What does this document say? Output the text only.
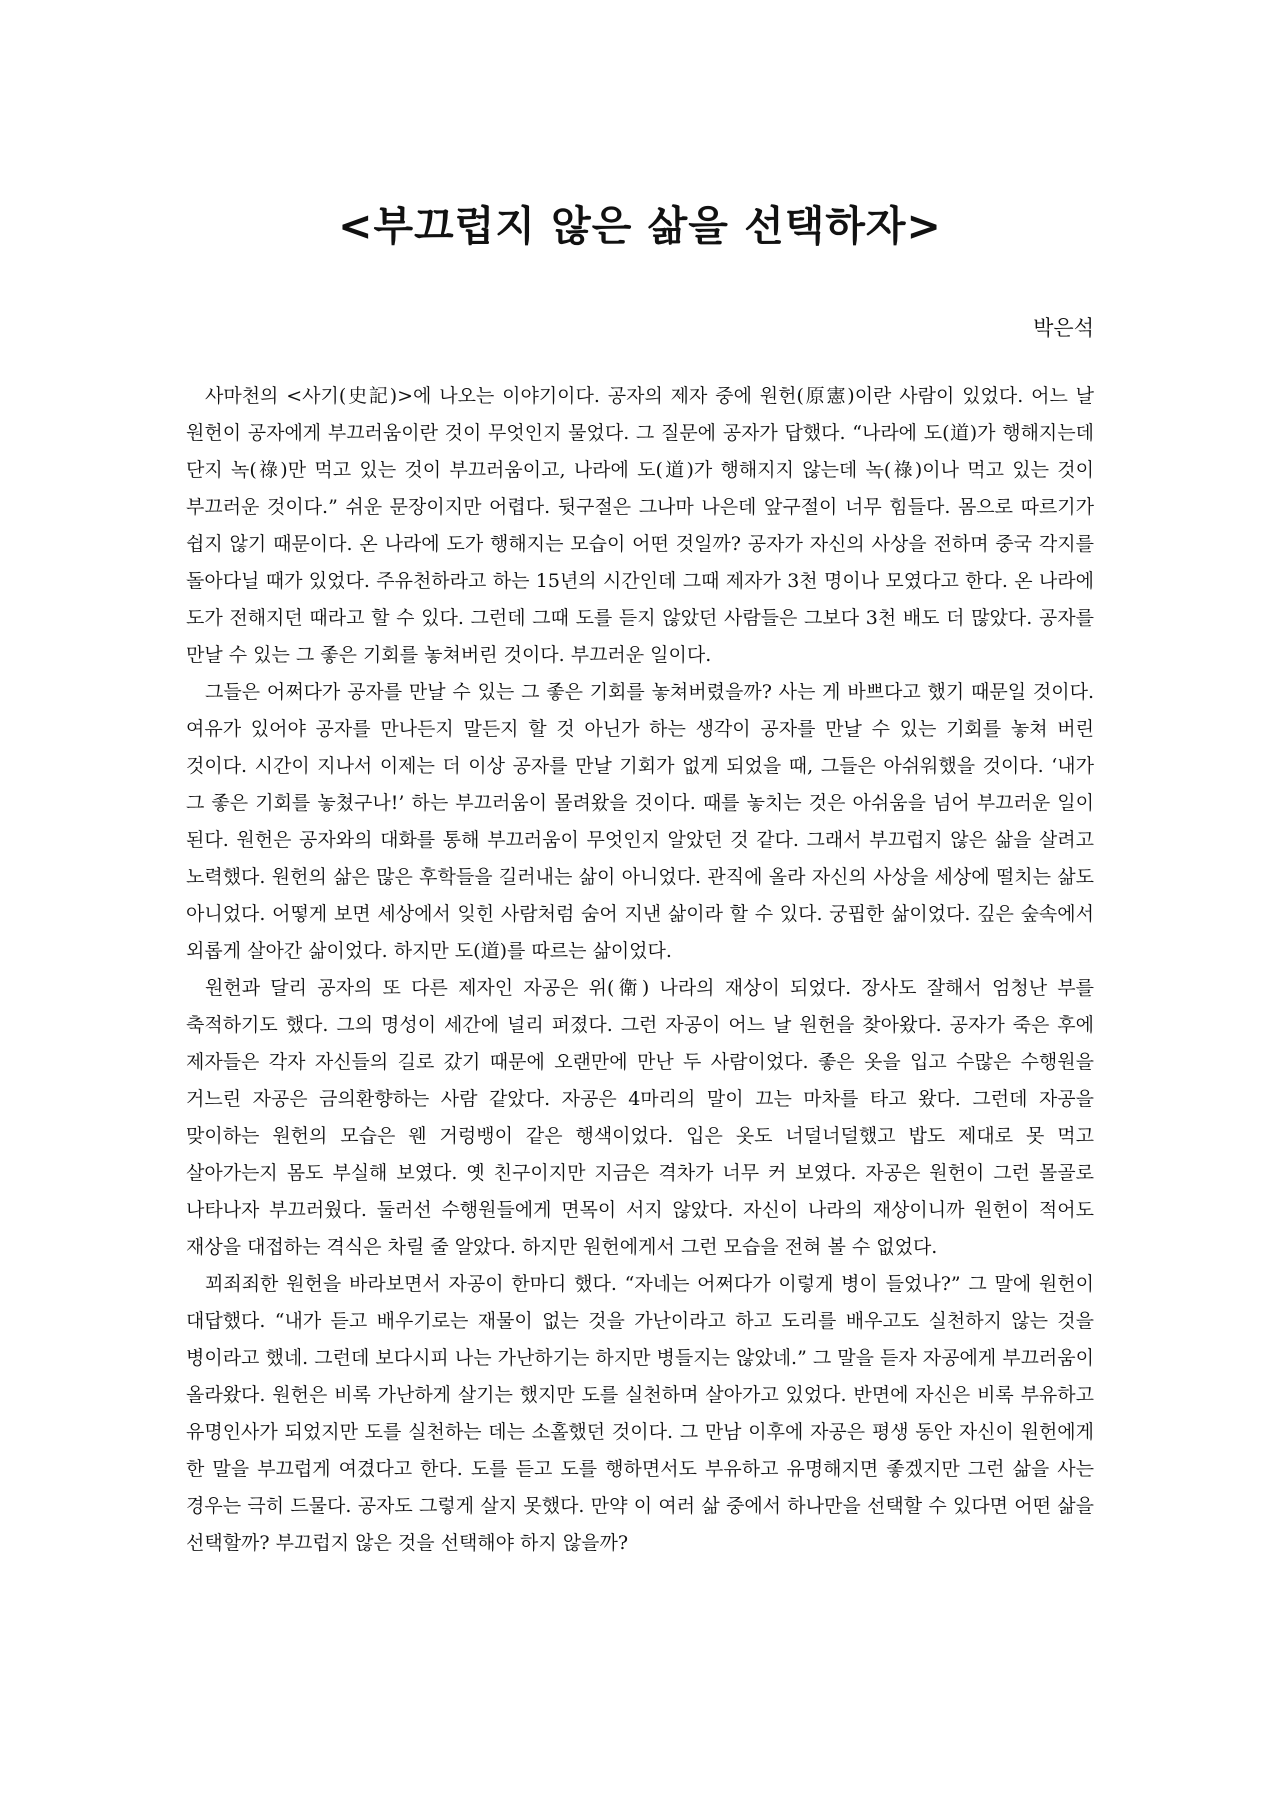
<부끄럽지 않은 삶을 선택하자>

박은석

사마천의 <사기(史記)>에 나오는 이야기이다. 공자의 제자 중에 원헌(原憲)이란 사람이 있었다. 어느 날 원헌이 공자에게 부끄러움이란 것이 무엇인지 물었다. 그 질문에 공자가 답했다. “나라에 도(道)가 행해지는데 단지 녹(祿)만 먹고 있는 것이 부끄러움이고, 나라에 도(道)가 행해지지 않는데 녹(祿)이나 먹고 있는 것이 부끄러운 것이다.” 쉬운 문장이지만 어렵다. 뒷구절은 그나마 나은데 앞구절이 너무 힘들다. 몸으로 따르기가 쉽지 않기 때문이다. 온 나라에 도가 행해지는 모습이 어떤 것일까? 공자가 자신의 사상을 전하며 중국 각지를 돌아다닐 때가 있었다. 주유천하라고 하는 15년의 시간인데 그때 제자가 3천 명이나 모였다고 한다. 온 나라에 도가 전해지던 때라고 할 수 있다. 그런데 그때 도를 듣지 않았던 사람들은 그보다 3천 배도 더 많았다. 공자를 만날 수 있는 그 좋은 기회를 놓쳐버린 것이다. 부끄러운 일이다.

그들은 어쩌다가 공자를 만날 수 있는 그 좋은 기회를 놓쳐버렸을까? 사는 게 바쁘다고 했기 때문일 것이다. 여유가 있어야 공자를 만나든지 말든지 할 것 아닌가 하는 생각이 공자를 만날 수 있는 기회를 놓쳐 버린 것이다. 시간이 지나서 이제는 더 이상 공자를 만날 기회가 없게 되었을 때, 그들은 아쉬워했을 것이다. ‘내가 그 좋은 기회를 놓쳤구나!’ 하는 부끄러움이 몰려왔을 것이다. 때를 놓치는 것은 아쉬움을 넘어 부끄러운 일이 된다. 원헌은 공자와의 대화를 통해 부끄러움이 무엇인지 알았던 것 같다. 그래서 부끄럽지 않은 삶을 살려고 노력했다. 원헌의 삶은 많은 후학들을 길러내는 삶이 아니었다. 관직에 올라 자신의 사상을 세상에 떨치는 삶도 아니었다. 어떻게 보면 세상에서 잊힌 사람처럼 숨어 지낸 삶이라 할 수 있다. 궁핍한 삶이었다. 깊은 숲속에서 외롭게 살아간 삶이었다. 하지만 도(道)를 따르는 삶이었다.

원헌과 달리 공자의 또 다른 제자인 자공은 위(衛) 나라의 재상이 되었다. 장사도 잘해서 엄청난 부를 축적하기도 했다. 그의 명성이 세간에 널리 퍼졌다. 그런 자공이 어느 날 원헌을 찾아왔다. 공자가 죽은 후에 제자들은 각자 자신들의 길로 갔기 때문에 오랜만에 만난 두 사람이었다. 좋은 옷을 입고 수많은 수행원을 거느린 자공은 금의환향하는 사람 같았다. 자공은 4마리의 말이 끄는 마차를 타고 왔다. 그런데 자공을 맞이하는 원헌의 모습은 웬 거렁뱅이 같은 행색이었다. 입은 옷도 너덜너덜했고 밥도 제대로 못 먹고 살아가는지 몸도 부실해 보였다. 옛 친구이지만 지금은 격차가 너무 커 보였다. 자공은 원헌이 그런 몰골로 나타나자 부끄러웠다. 둘러선 수행원들에게 면목이 서지 않았다. 자신이 나라의 재상이니까 원헌이 적어도 재상을 대접하는 격식은 차릴 줄 알았다. 하지만 원헌에게서 그런 모습을 전혀 볼 수 없었다.

꾀죄죄한 원헌을 바라보면서 자공이 한마디 했다. “자네는 어쩌다가 이렇게 병이 들었나?” 그 말에 원헌이 대답했다. “내가 듣고 배우기로는 재물이 없는 것을 가난이라고 하고 도리를 배우고도 실천하지 않는 것을 병이라고 했네. 그런데 보다시피 나는 가난하기는 하지만 병들지는 않았네.” 그 말을 듣자 자공에게 부끄러움이 올라왔다. 원헌은 비록 가난하게 살기는 했지만 도를 실천하며 살아가고 있었다. 반면에 자신은 비록 부유하고 유명인사가 되었지만 도를 실천하는 데는 소홀했던 것이다. 그 만남 이후에 자공은 평생 동안 자신이 원헌에게 한 말을 부끄럽게 여겼다고 한다. 도를 듣고 도를 행하면서도 부유하고 유명해지면 좋겠지만 그런 삶을 사는 경우는 극히 드물다. 공자도 그렇게 살지 못했다. 만약 이 여러 삶 중에서 하나만을 선택할 수 있다면 어떤 삶을 선택할까? 부끄럽지 않은 것을 선택해야 하지 않을까?
